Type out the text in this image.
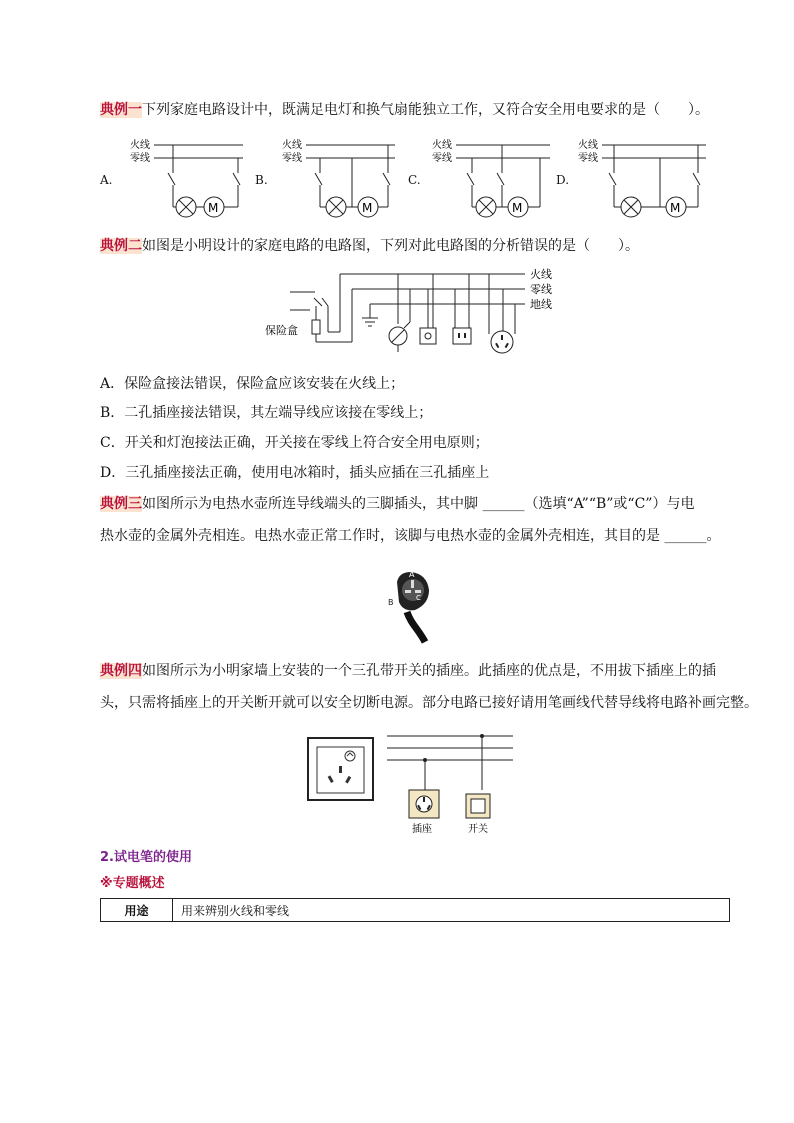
典例一下列家庭电路设计中，既满足电灯和换气扇能独立工作，又符合安全用电要求的是（　　）。
A.	B.	C.	D.
火线
零线
M
火线
零线
M
火线
零线
M
火线
零线
M
典例二如图是小明设计的家庭电路的电路图，下列对此电路图的分析错误的是（　　）。
火线
零线
地线
保险盒
A．保险盒接法错误，保险盒应该安装在火线上；
B．二孔插座接法错误，其左端导线应该接在零线上；
C．开关和灯泡接法正确，开关接在零线上符合安全用电原则；
D．三孔插座接法正确，使用电冰箱时，插头应插在三孔插座上
典例三如图所示为电热水壶所连导线端头的三脚插头，其中脚 ______（选填“A”“B”或“C”）与电
热水壶的金属外壳相连。电热水壶正常工作时，该脚与电热水壶的金属外壳相连，其目的是 ______。
A
B	C
典例四如图所示为小明家墙上安装的一个三孔带开关的插座。此插座的优点是，不用拔下插座上的插
头，只需将插座上的开关断开就可以安全切断电源。部分电路已接好请用笔画线代替导线将电路补画完整。
插座	开关
2.试电笔的使用
※专题概述
用途	用来辨别火线和零线
